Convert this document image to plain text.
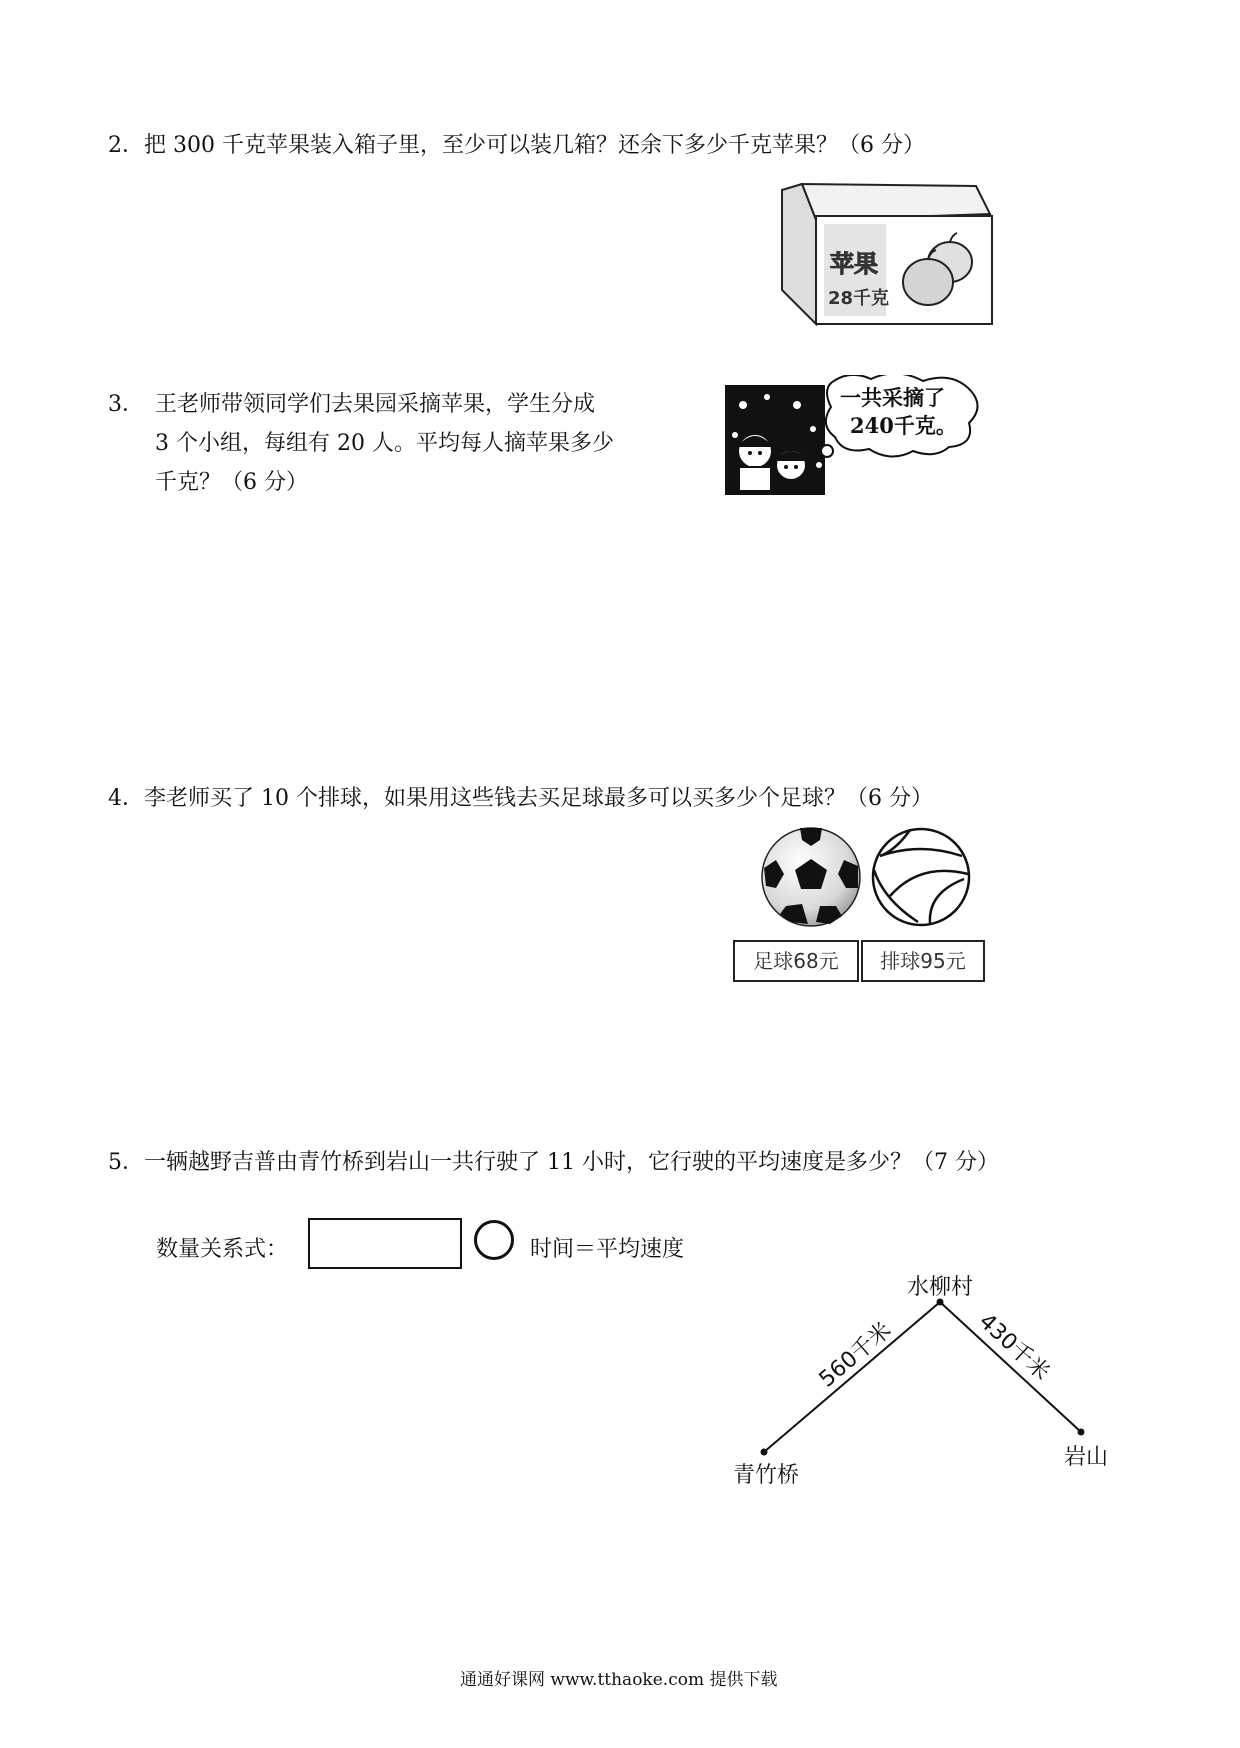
2．把 300 千克苹果装入箱子里，至少可以装几箱？还余下多少千克苹果？（6 分）
苹果
28千克
3． 王老师带领同学们去果园采摘苹果，学生分成
3 个小组，每组有 20 人。平均每人摘苹果多少
千克？（6 分）
一共采摘了
240千克。
4．李老师买了 10 个排球，如果用这些钱去买足球最多可以买多少个足球？（6 分）
足球68元	排球95元
5．一辆越野吉普由青竹桥到岩山一共行驶了 11 小时，它行驶的平均速度是多少？（7 分）
数量关系式：	时间＝平均速度
560千米	430千米
水柳村
青竹桥
岩山
通通好课网 www.tthaoke.com 提供下载
